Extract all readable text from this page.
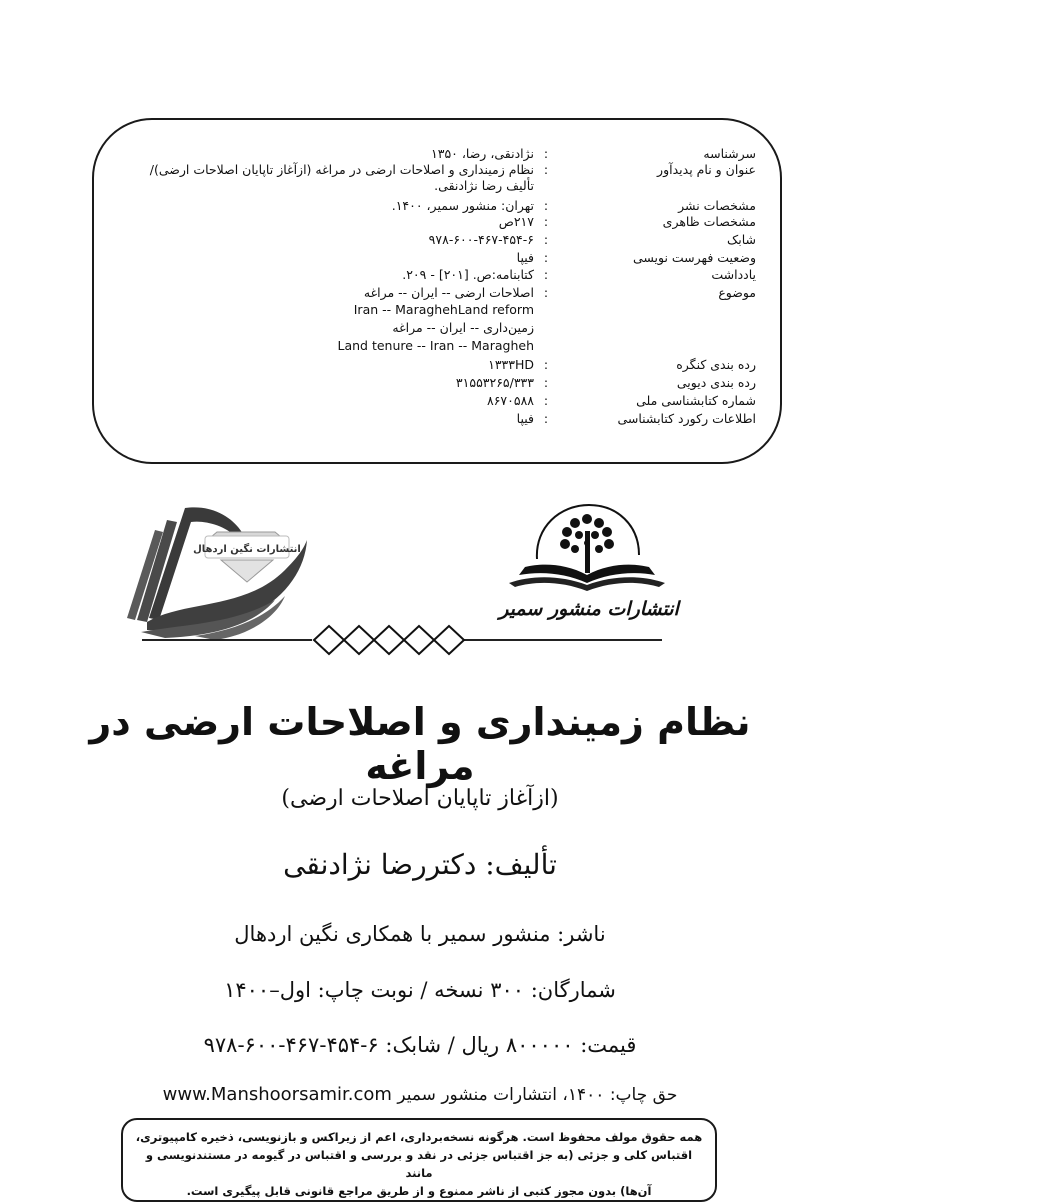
سرشناسه
:
نژادنقی، رضا، ۱۳۵۰
عنوان و نام پدیدآور
:
نظام زمینداری و اصلاحات ارضی در مراغه (ازآغاز تاپایان اصلاحات ارضی)/
تألیف رضا نژادنقی.
مشخصات نشر
:
تهران: منشور سمیر، ۱۴۰۰.
مشخصات ظاهری
:
۲۱۷ص
شابک
:
۹۷۸-۶۰۰-۴۶۷-۴۵۴-۶
وضعیت فهرست نویسی
:
فیپا
یادداشت
:
کتابنامه:ص. [۲۰۱] - ۲۰۹.
موضوع
:
اصلاحات ارضی -- ایران -- مراغه
Iran -- MaraghehLand reform
زمین‌داری -- ایران -- مراغه
Land tenure -- Iran -- Maragheh
رده بندی کنگره
:
۱۳۳۳HD
رده بندی دیویی
:
۳۱۵۵۳۲۶۵/۳۳۳
شماره کتابشناسی ملی
:
۸۶۷۰۵۸۸
اطلاعات رکورد کتابشناسی
:
فیپا
انتشارات نگین اردهال
انتشارات منشور سمیر
نظام زمینداری و اصلاحات ارضی در مراغه
(ازآغاز تاپایان اصلاحات ارضی)
تألیف: دکتررضا نژادنقی
ناشر: منشور سمیر با همکاری نگین اردهال
شمارگان: ۳۰۰ نسخه / نوبت چاپ: اول–۱۴۰۰
قیمت: ۸۰۰۰۰۰ ریال / شابک: ۶-۴۵۴-۴۶۷-۶۰۰-۹۷۸
حق چاپ: ۱۴۰۰، انتشارات منشور سمیر www.Manshoorsamir.com
همه حقوق مولف محفوظ است. هرگونه نسخه‌برداری، اعم از زیراکس و بازنویسی، ذخیره کامپیوتری،
اقتباس کلی و جزئی (به جز اقتباس جزئی در نقد و بررسی و اقتباس در گیومه در مستندنویسی و مانند
آن‌ها) بدون مجوز کتبی از ناشر ممنوع و از طریق مراجع قانونی قابل پیگیری است.
